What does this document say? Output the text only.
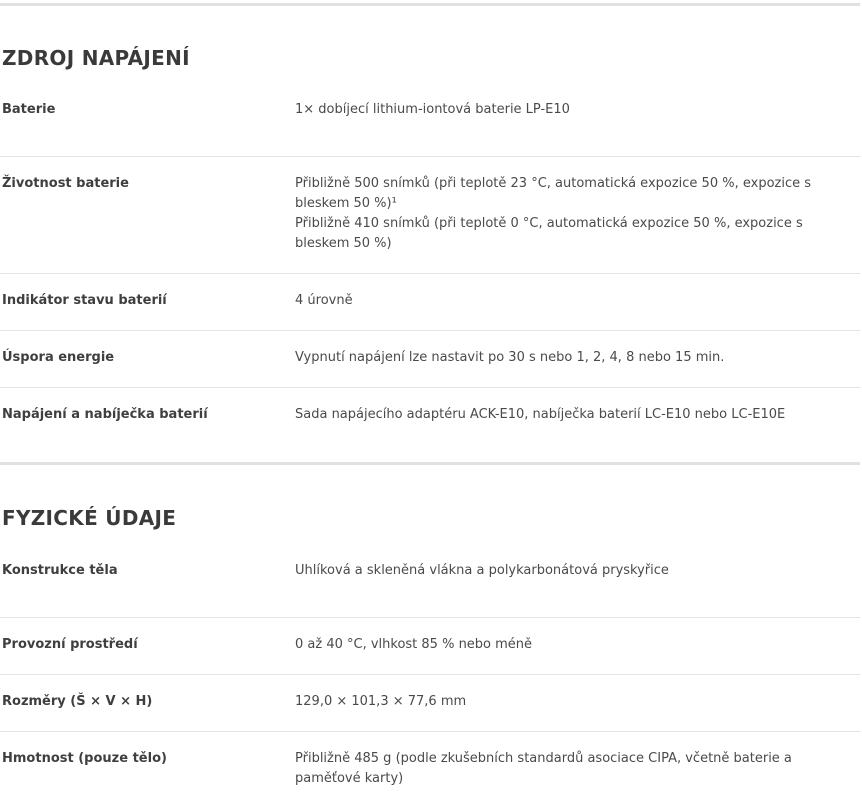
ZDROJ NAPÁJENÍ
Baterie	1× dobíjecí lithium-iontová baterie LP-E10

Životnost baterie	Přibližně 500 snímků (při teplotě 23 °C, automatická expozice 50 %, expozice s bleskem 50 %)¹

Přibližně 410 snímků (při teplotě 0 °C, automatická expozice 50 %, expozice s bleskem 50 %)

Indikátor stavu baterií	4 úrovně

Úspora energie	Vypnutí napájení lze nastavit po 30 s nebo 1, 2, 4, 8 nebo 15 min.

Napájení a nabíječka baterií	Sada napájecího adaptéru ACK-E10, nabíječka baterií LC-E10 nebo LC-E10E

FYZICKÉ ÚDAJE
Konstrukce těla	Uhlíková a skleněná vlákna a polykarbonátová pryskyřice

Provozní prostředí	0 až 40 °C, vlhkost 85 % nebo méně

Rozměry (Š × V × H)	129,0 × 101,3 × 77,6 mm

Hmotnost (pouze tělo)	Přibližně 485 g (podle zkušebních standardů asociace CIPA, včetně baterie a paměťové karty)
